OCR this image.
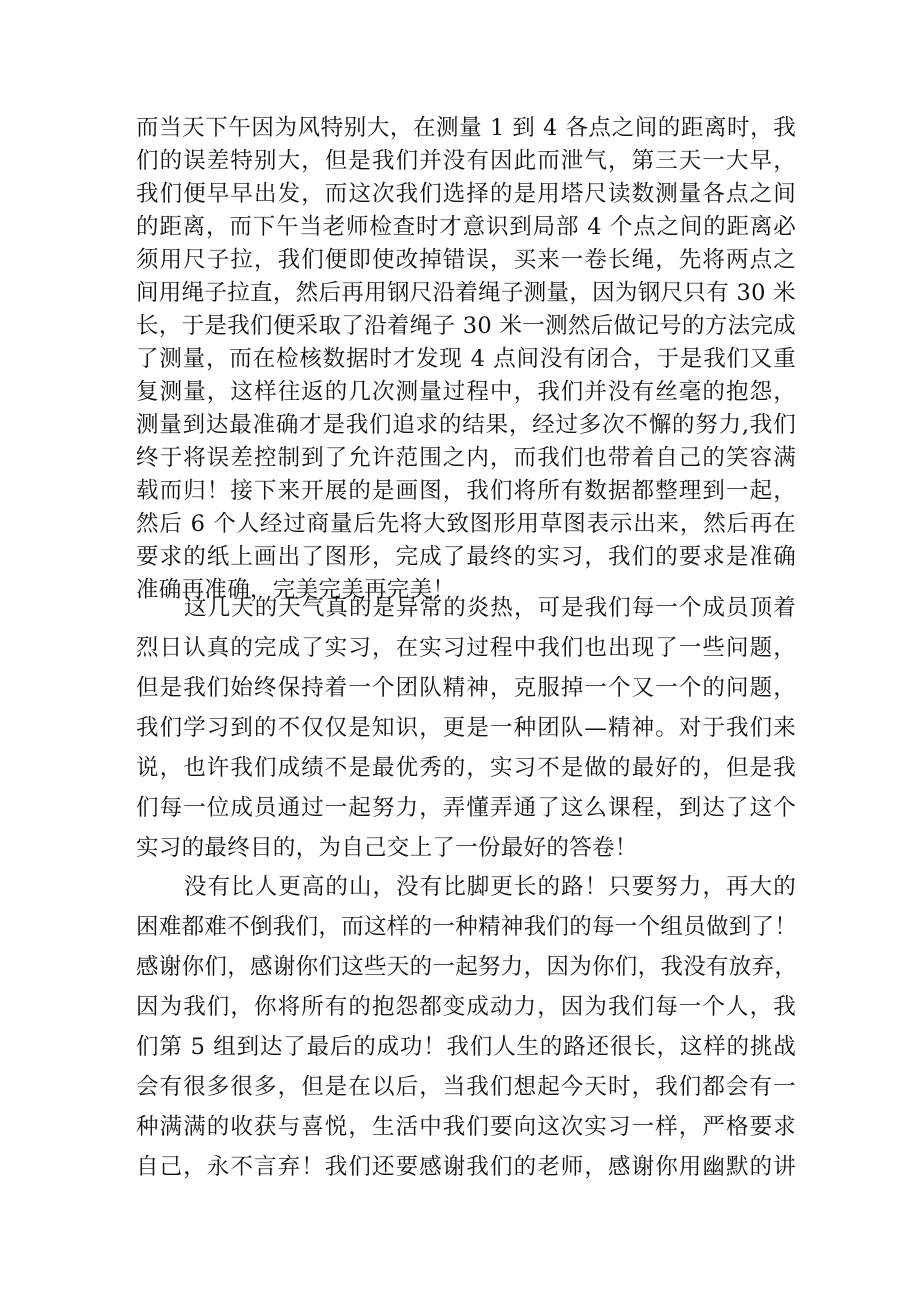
而当天下午因为风特别大，在测量 1 到 4 各点之间的距离时，我
们的误差特别大，但是我们并没有因此而泄气，第三天一大早，
我们便早早出发，而这次我们选择的是用塔尺读数测量各点之间
的距离，而下午当老师检查时才意识到局部 4 个点之间的距离必
须用尺子拉，我们便即使改掉错误，买来一卷长绳，先将两点之
间用绳子拉直，然后再用钢尺沿着绳子测量，因为钢尺只有 30 米
长，于是我们便采取了沿着绳子 30 米一测然后做记号的方法完成
了测量，而在检核数据时才发现 4 点间没有闭合，于是我们又重
复测量，这样往返的几次测量过程中，我们并没有丝毫的抱怨，
测量到达最准确才是我们追求的结果，经过多次不懈的努力,我们
终于将误差控制到了允许范围之内，而我们也带着自己的笑容满
载而归！接下来开展的是画图，我们将所有数据都整理到一起，
然后 6 个人经过商量后先将大致图形用草图表示出来，然后再在
要求的纸上画出了图形，完成了最终的实习，我们的要求是准确
准确再准确，完美完美再完美！
这几天的天气真的是异常的炎热，可是我们每一个成员顶着
烈日认真的完成了实习，在实习过程中我们也出现了一些问题，
但是我们始终保持着一个团队精神，克服掉一个又一个的问题，
我们学习到的不仅仅是知识，更是一种团队—精神。对于我们来
说，也许我们成绩不是最优秀的，实习不是做的最好的，但是我
们每一位成员通过一起努力，弄懂弄通了这么课程，到达了这个
实习的最终目的，为自己交上了一份最好的答卷！
没有比人更高的山，没有比脚更长的路！只要努力，再大的
困难都难不倒我们，而这样的一种精神我们的每一个组员做到了！
感谢你们，感谢你们这些天的一起努力，因为你们，我没有放弃，
因为我们，你将所有的抱怨都变成动力，因为我们每一个人，我
们第 5 组到达了最后的成功！我们人生的路还很长，这样的挑战
会有很多很多，但是在以后，当我们想起今天时，我们都会有一
种满满的收获与喜悦，生活中我们要向这次实习一样，严格要求
自己，永不言弃！我们还要感谢我们的老师，感谢你用幽默的讲
